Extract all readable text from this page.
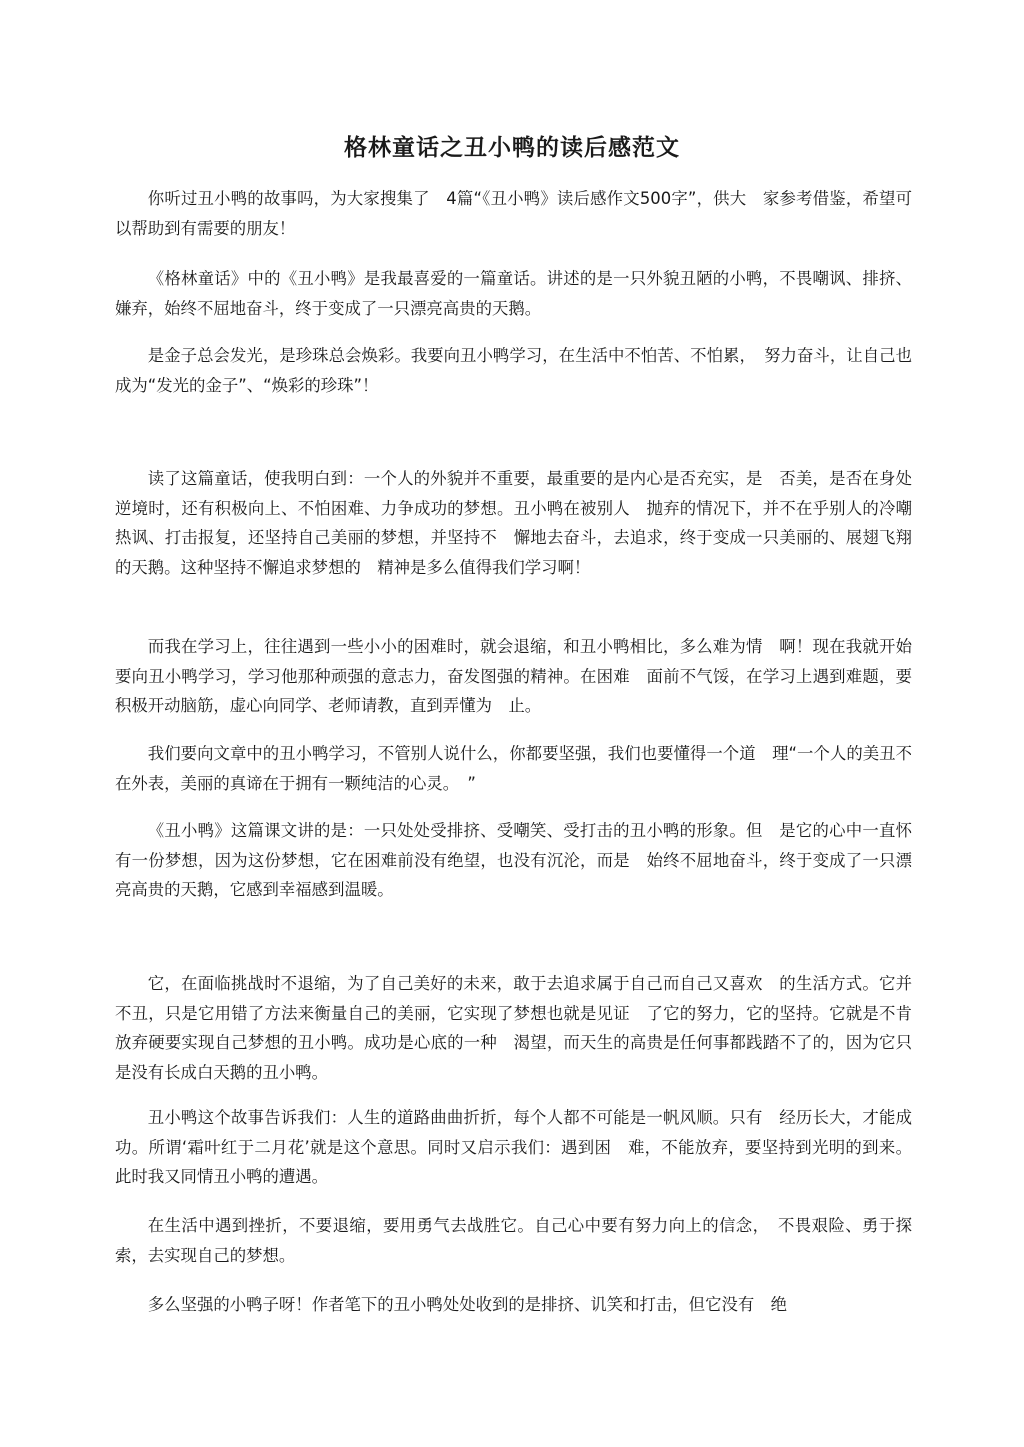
格林童话之丑小鸭的读后感范文

你听过丑小鸭的故事吗，为大家搜集了　4篇“《丑小鸭》读后感作文500字”，供大　家参考借鉴，希望可以帮助到有需要的朋友！

《格林童话》中的《丑小鸭》是我最喜爱的一篇童话。讲述的是一只外貌丑陋的小鸭，不畏嘲讽、排挤、嫌弃，始终不屈地奋斗，终于变成了一只漂亮高贵的天鹅。

是金子总会发光，是珍珠总会焕彩。我要向丑小鸭学习，在生活中不怕苦、不怕累，　努力奋斗，让自己也成为“发光的金子”、“焕彩的珍珠”！

读了这篇童话，使我明白到：一个人的外貌并不重要，最重要的是内心是否充实，是　否美，是否在身处逆境时，还有积极向上、不怕困难、力争成功的梦想。丑小鸭在被别人　抛弃的情况下，并不在乎别人的冷嘲热讽、打击报复，还坚持自己美丽的梦想，并坚持不　懈地去奋斗，去追求，终于变成一只美丽的、展翅飞翔的天鹅。这种坚持不懈追求梦想的　精神是多么值得我们学习啊！

而我在学习上，往往遇到一些小小的困难时，就会退缩，和丑小鸭相比，多么难为情　啊！现在我就开始要向丑小鸭学习，学习他那种顽强的意志力，奋发图强的精神。在困难　面前不气馁，在学习上遇到难题，要积极开动脑筋，虚心向同学、老师请教，直到弄懂为　止。

我们要向文章中的丑小鸭学习，不管别人说什么，你都要坚强，我们也要懂得一个道　理“一个人的美丑不在外表，美丽的真谛在于拥有一颗纯洁的心灵。　”

《丑小鸭》这篇课文讲的是：一只处处受排挤、受嘲笑、受打击的丑小鸭的形象。但　是它的心中一直怀有一份梦想，因为这份梦想，它在困难前没有绝望，也没有沉沦，而是　始终不屈地奋斗，终于变成了一只漂亮高贵的天鹅，它感到幸福感到温暖。

它，在面临挑战时不退缩，为了自己美好的未来，敢于去追求属于自己而自己又喜欢　的生活方式。它并不丑，只是它用错了方法来衡量自己的美丽，它实现了梦想也就是见证　了它的努力，它的坚持。它就是不肯放弃硬要实现自己梦想的丑小鸭。成功是心底的一种　渴望，而天生的高贵是任何事都践踏不了的，因为它只是没有长成白天鹅的丑小鸭。

丑小鸭这个故事告诉我们：人生的道路曲曲折折，每个人都不可能是一帆风顺。只有　经历长大，才能成功。所谓‘霜叶红于二月花’就是这个意思。同时又启示我们：遇到困　难，不能放弃，要坚持到光明的到来。此时我又同情丑小鸭的遭遇。

在生活中遇到挫折，不要退缩，要用勇气去战胜它。自己心中要有努力向上的信念，　不畏艰险、勇于探索，去实现自己的梦想。

多么坚强的小鸭子呀！作者笔下的丑小鸭处处收到的是排挤、讥笑和打击，但它没有　绝
